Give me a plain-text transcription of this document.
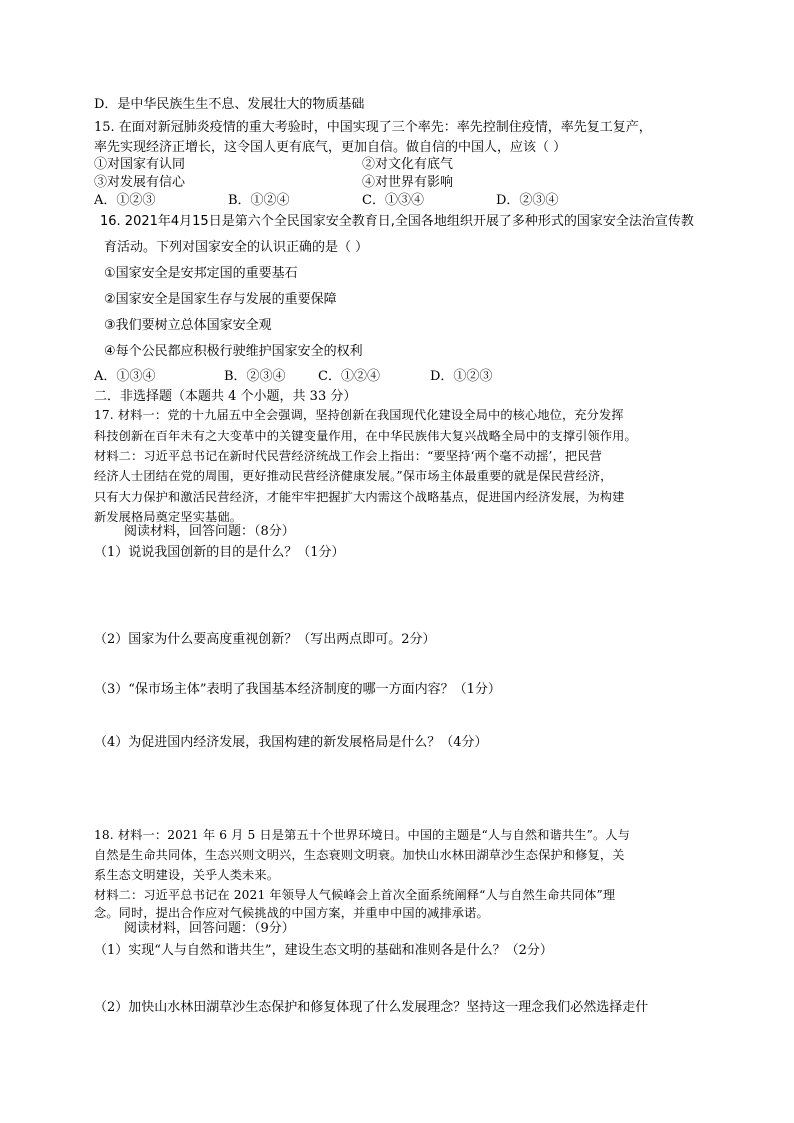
D．是中华民族生生不息、发展壮大的物质基础
15. 在面对新冠肺炎疫情的重大考验时，中国实现了三个率先：率先控制住疫情，率先复工复产，
率先实现经济正增长，这令国人更有底气，更加自信。做自信的中国人，应该（ ）
①对国家有认同	②对文化有底气
③对发展有信心	④对世界有影响
A．①②③	B．①②④	C．①③④	D．②③④
16. 2021年4月15日是第六个全民国家安全教育日,全国各地组织开展了多种形式的国家安全法治宣传教
育活动。下列对国家安全的认识正确的是（ ）
①国家安全是安邦定国的重要基石
②国家安全是国家生存与发展的重要保障
③我们要树立总体国家安全观
④每个公民都应积极行驶维护国家安全的权利
A．①③④	B．②③④ C．①②④	D．①②③
二．非选择题（本题共 4 个小题，共 33 分）
17. 材料一：党的十九届五中全会强调，坚持创新在我国现代化建设全局中的核心地位，充分发挥
科技创新在百年未有之大变革中的关键变量作用，在中华民族伟大复兴战略全局中的支撑引领作用。
材料二：习近平总书记在新时代民营经济统战工作会上指出：“要坚持‘两个毫不动摇’，把民营
经济人士团结在党的周围，更好推动民营经济健康发展。”保市场主体最重要的就是保民营经济，
只有大力保护和激活民营经济，才能牢牢把握扩大内需这个战略基点，促进国内经济发展，为构建
新发展格局奠定坚实基础。
阅读材料，回答问题：（8分）
（1）说说我国创新的目的是什么？（1分）
（2）国家为什么要高度重视创新？（写出两点即可。2分）
（3）“保市场主体”表明了我国基本经济制度的哪一方面内容？（1分）
（4）为促进国内经济发展，我国构建的新发展格局是什么？（4分）
18. 材料一：2021 年 6 月 5 日是第五十个世界环境日。中国的主题是“人与自然和谐共生”。人与
自然是生命共同体，生态兴则文明兴，生态衰则文明衰。加快山水林田湖草沙生态保护和修复，关
系生态文明建设，关乎人类未来。
材料二：习近平总书记在 2021 年领导人气候峰会上首次全面系统阐释“人与自然生命共同体”理
念。同时，提出合作应对气候挑战的中国方案，并重申中国的减排承诺。
阅读材料，回答问题：（9分）
（1）实现“人与自然和谐共生”，建设生态文明的基础和准则各是什么？（2分）
（2）加快山水林田湖草沙生态保护和修复体现了什么发展理念？坚持这一理念我们必然选择走什
